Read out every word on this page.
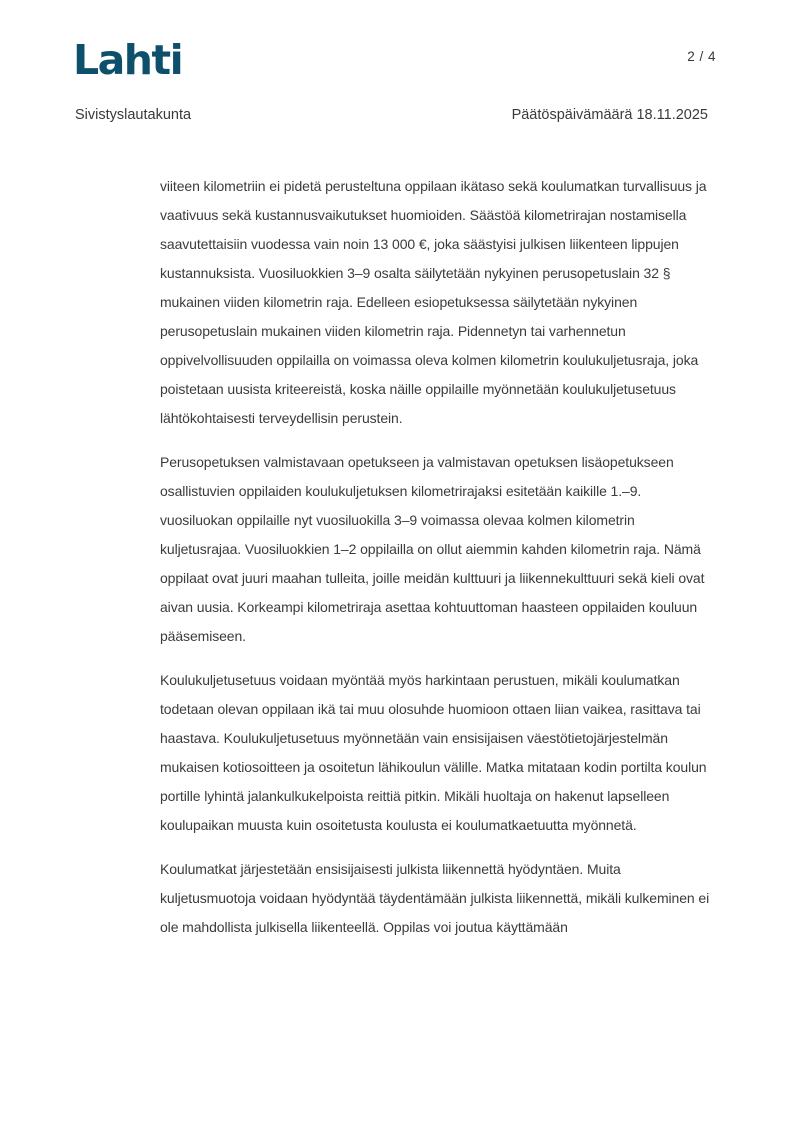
Lahti	2 / 4
Sivistyslautakunta	Päätöspäivämäärä 18.11.2025

viiteen kilometriin ei pidetä perusteltuna oppilaan ikätaso sekä koulumatkan turvallisuus ja vaativuus sekä kustannusvaikutukset huomioiden. Säästöä kilometrirajan nostamisella saavutettaisiin vuodessa vain noin 13 000 €, joka säästyisi julkisen liikenteen lippujen kustannuksista. Vuosiluokkien 3–9 osalta säilytetään nykyinen perusopetuslain 32 § mukainen viiden kilometrin raja. Edelleen esiopetuksessa säilytetään nykyinen perusopetuslain mukainen viiden kilometrin raja. Pidennetyn tai varhennetun oppivelvollisuuden oppilailla on voimassa oleva kolmen kilometrin koulukuljetusraja, joka poistetaan uusista kriteereistä, koska näille oppilaille myönnetään koulukuljetusetuus lähtökohtaisesti terveydellisin perustein.

Perusopetuksen valmistavaan opetukseen ja valmistavan opetuksen lisäopetukseen osallistuvien oppilaiden koulukuljetuksen kilometrirajaksi esitetään kaikille 1.–9. vuosiluokan oppilaille nyt vuosiluokilla 3–9 voimassa olevaa kolmen kilometrin kuljetusrajaa. Vuosiluokkien 1–2 oppilailla on ollut aiemmin kahden kilometrin raja. Nämä oppilaat ovat juuri maahan tulleita, joille meidän kulttuuri ja liikennekulttuuri sekä kieli ovat aivan uusia. Korkeampi kilometriraja asettaa kohtuuttoman haasteen oppilaiden kouluun pääsemiseen.

Koulukuljetusetuus voidaan myöntää myös harkintaan perustuen, mikäli koulumatkan todetaan olevan oppilaan ikä tai muu olosuhde huomioon ottaen liian vaikea, rasittava tai haastava. Koulukuljetusetuus myönnetään vain ensisijaisen väestötietojärjestelmän mukaisen kotiosoitteen ja osoitetun lähikoulun välille. Matka mitataan kodin portilta koulun portille lyhintä jalankulkukelpoista reittiä pitkin. Mikäli huoltaja on hakenut lapselleen koulupaikan muusta kuin osoitetusta koulusta ei koulumatkaetuutta myönnetä.

Koulumatkat järjestetään ensisijaisesti julkista liikennettä hyödyntäen. Muita kuljetusmuotoja voidaan hyödyntää täydentämään julkista liikennettä, mikäli kulkeminen ei ole mahdollista julkisella liikenteellä. Oppilas voi joutua käyttämään
